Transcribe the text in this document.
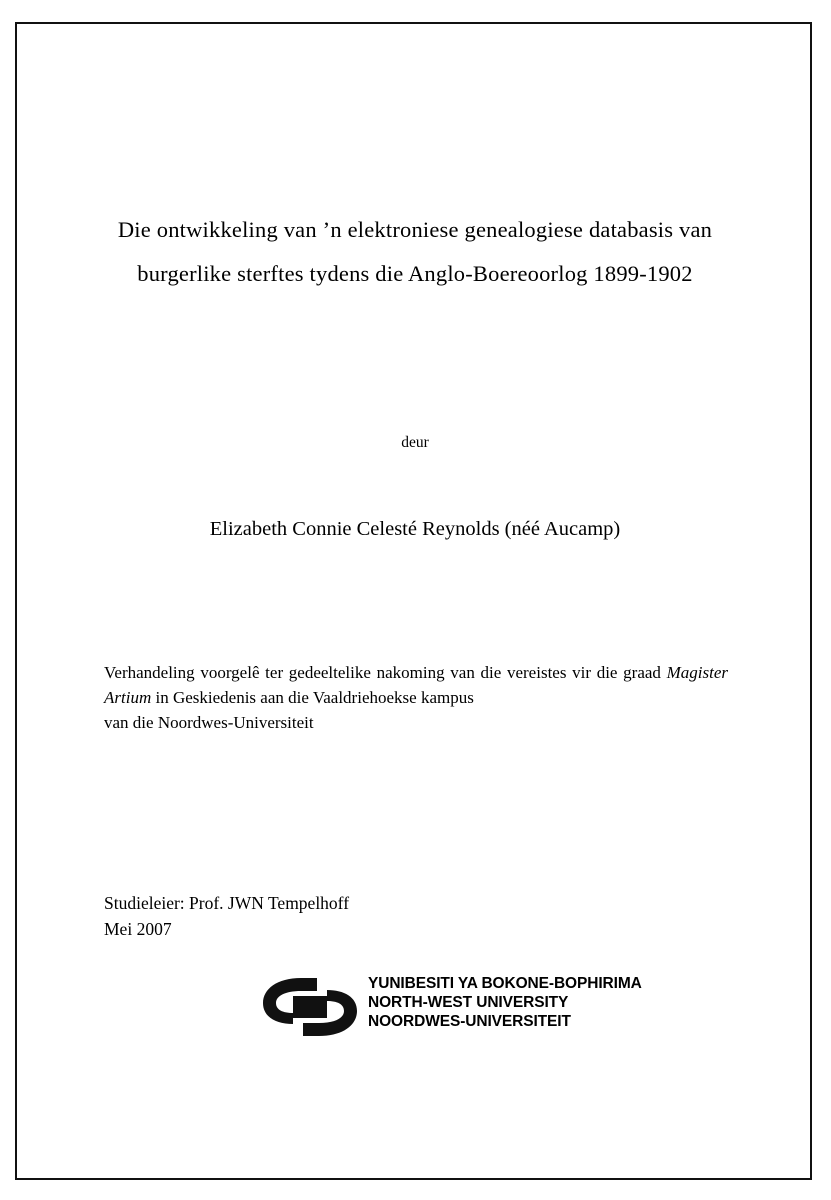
Die ontwikkeling van ’n elektroniese genealogiese databasis van
burgerlike sterftes tydens die Anglo-Boereoorlog 1899-1902
deur
Elizabeth Connie Celesté Reynolds (néé Aucamp)
Verhandeling voorgelê ter gedeeltelike nakoming van die vereistes vir die graad Magister Artium in Geskiedenis aan die Vaaldriehoekse kampus
van die Noordwes-Universiteit
Studieleier: Prof. JWN Tempelhoff
Mei 2007
YUNIBESITI YA BOKONE-BOPHIRIMA
NORTH-WEST UNIVERSITY
NOORDWES-UNIVERSITEIT
